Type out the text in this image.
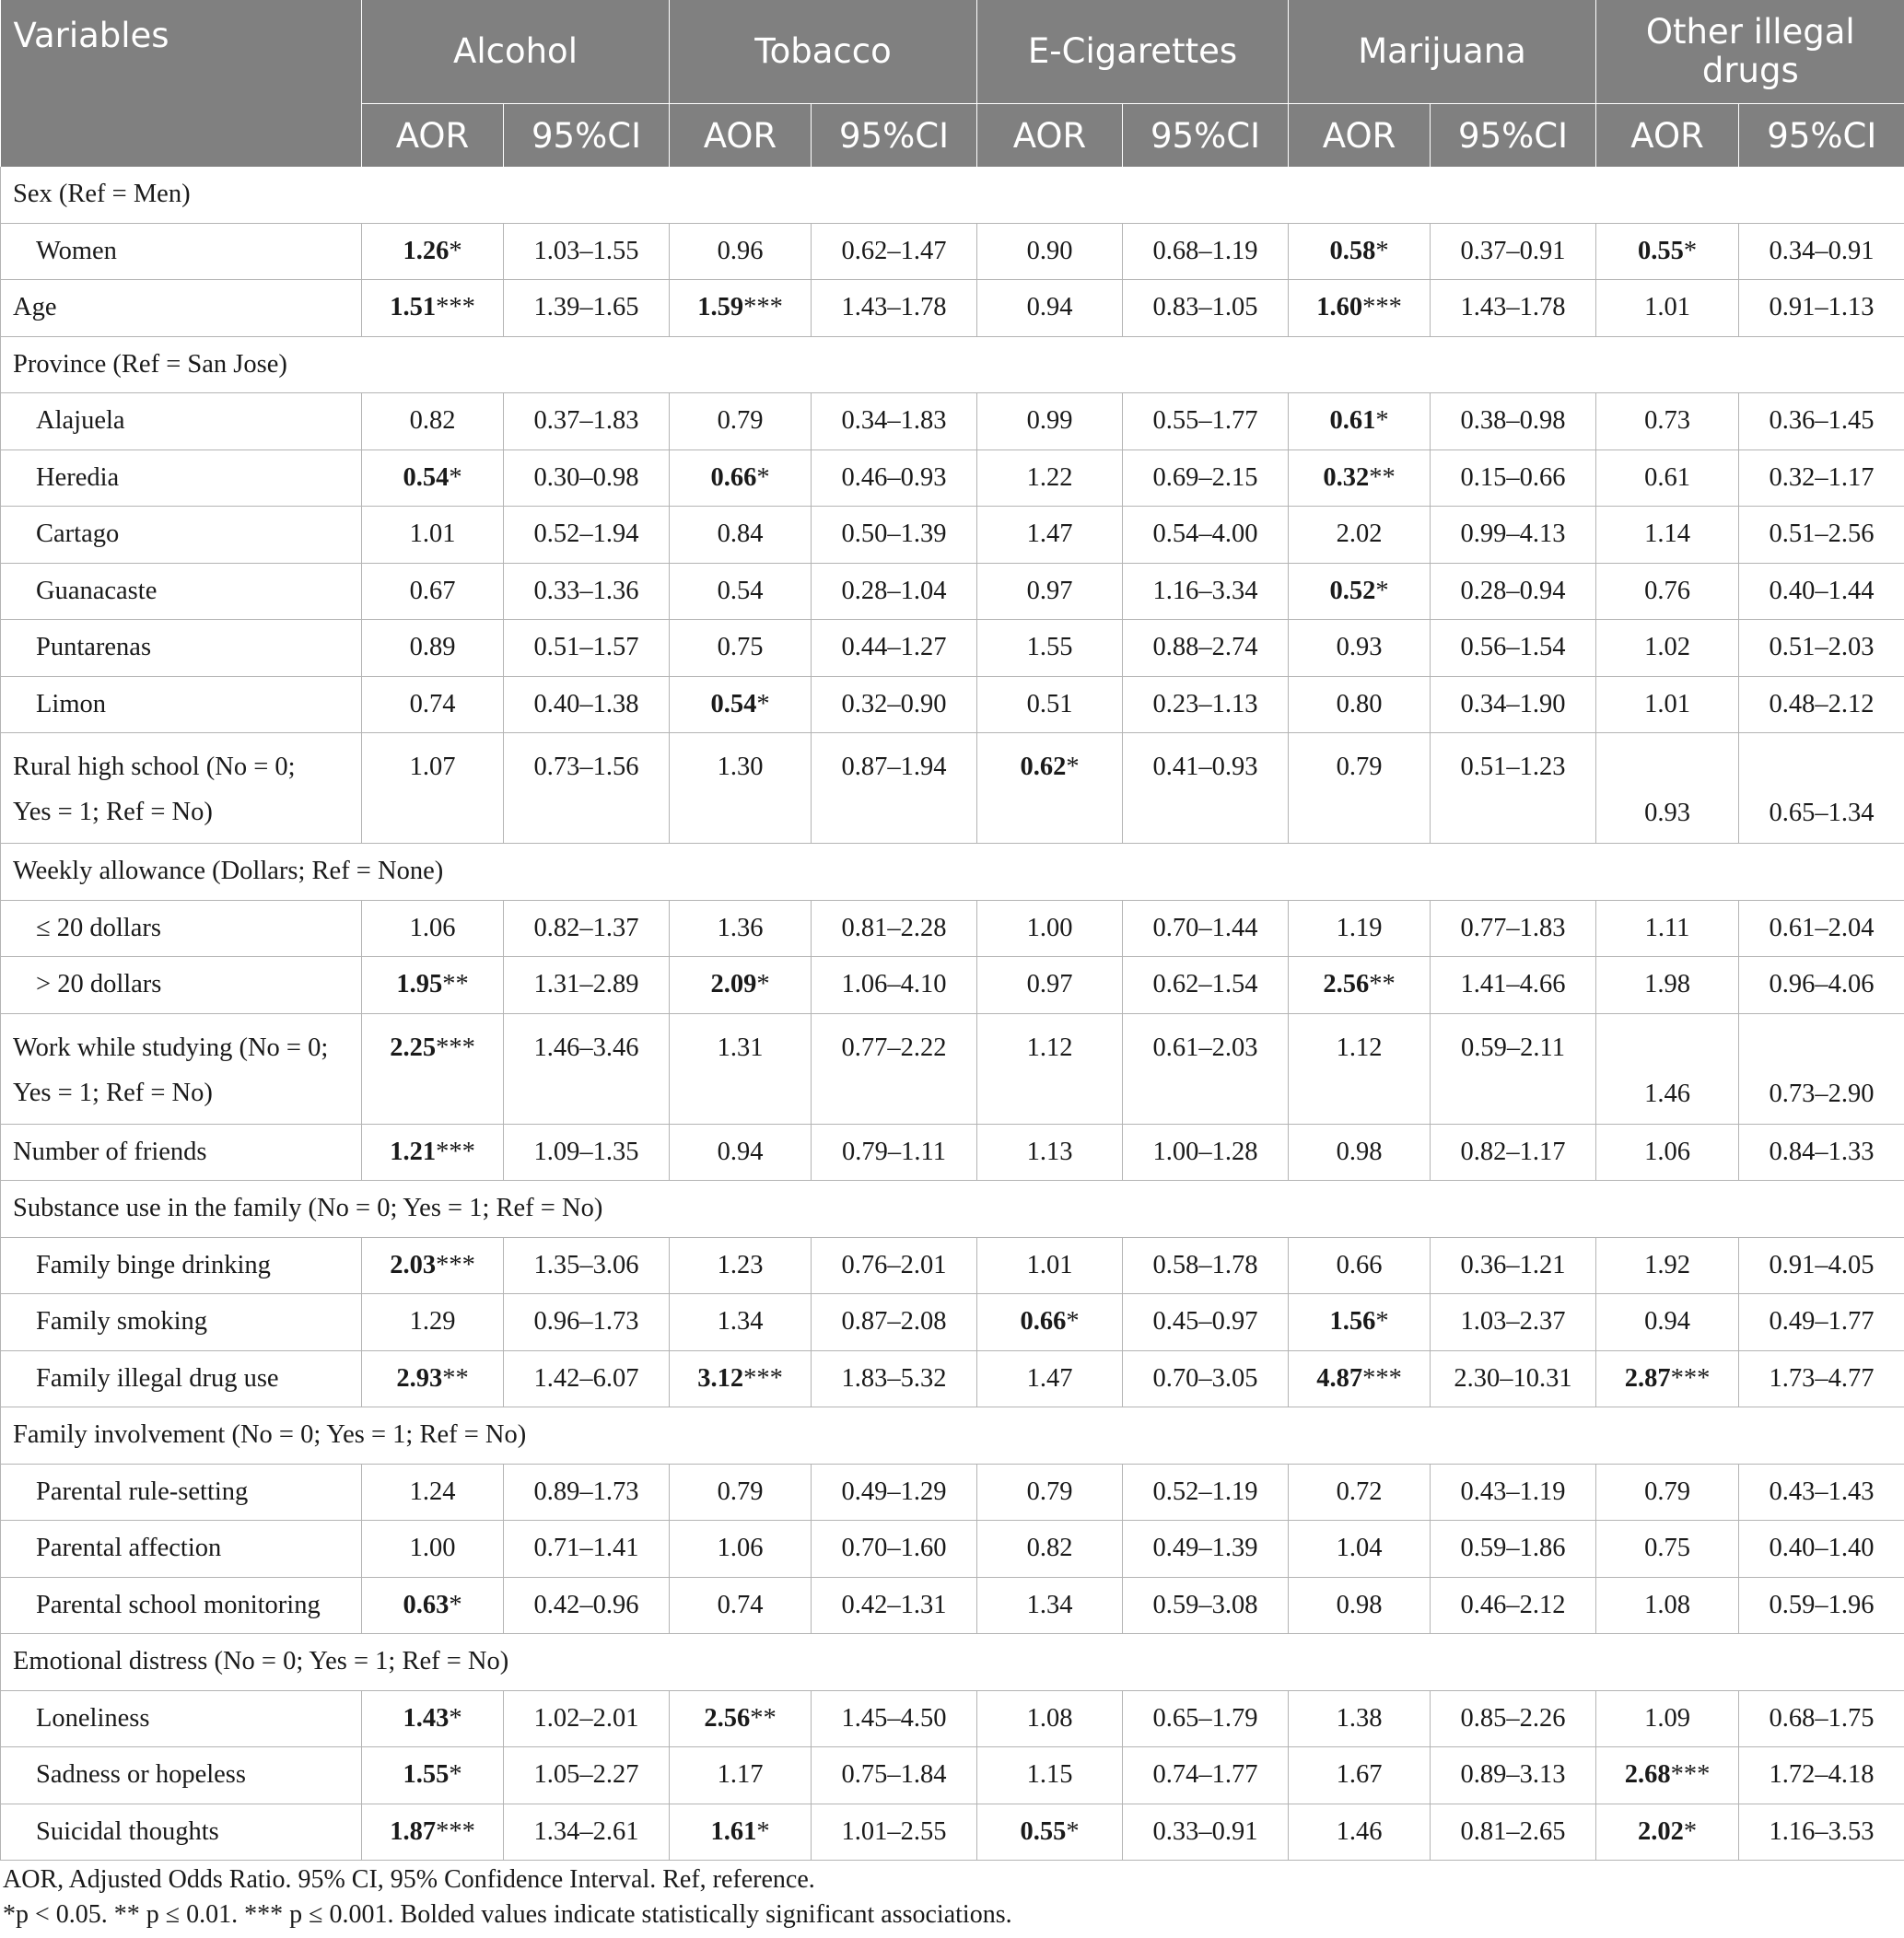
Variables	Alcohol		Tobacco		E-Cigarettes		Marijuana		Other illegal drugs	
	AOR	95%CI	AOR	95%CI	AOR	95%CI	AOR	95%CI	AOR	95%CI
Sex (Ref = Men)										
Women	1.26*	1.03–1.55	0.96	0.62–1.47	0.90	0.68–1.19	0.58*	0.37–0.91	0.55*	0.34–0.91
Age	1.51***	1.39–1.65	1.59***	1.43–1.78	0.94	0.83–1.05	1.60***	1.43–1.78	1.01	0.91–1.13
Province (Ref = San Jose)										
Alajuela	0.82	0.37–1.83	0.79	0.34–1.83	0.99	0.55–1.77	0.61*	0.38–0.98	0.73	0.36–1.45
Heredia	0.54*	0.30–0.98	0.66*	0.46–0.93	1.22	0.69–2.15	0.32**	0.15–0.66	0.61	0.32–1.17
Cartago	1.01	0.52–1.94	0.84	0.50–1.39	1.47	0.54–4.00	2.02	0.99–4.13	1.14	0.51–2.56
Guanacaste	0.67	0.33–1.36	0.54	0.28–1.04	0.97	1.16–3.34	0.52*	0.28–0.94	0.76	0.40–1.44
Puntarenas	0.89	0.51–1.57	0.75	0.44–1.27	1.55	0.88–2.74	0.93	0.56–1.54	1.02	0.51–2.03
Limon	0.74	0.40–1.38	0.54*	0.32–0.90	0.51	0.23–1.13	0.80	0.34–1.90	1.01	0.48–2.12
Rural high school (No = 0;
Yes = 1; Ref = No)	1.07	0.73–1.56	1.30	0.87–1.94	0.62*	0.41–0.93	0.79	0.51–1.23	0.93	0.65–1.34
Weekly allowance (Dollars; Ref = None)										
≤ 20 dollars	1.06	0.82–1.37	1.36	0.81–2.28	1.00	0.70–1.44	1.19	0.77–1.83	1.11	0.61–2.04
> 20 dollars	1.95**	1.31–2.89	2.09*	1.06–4.10	0.97	0.62–1.54	2.56**	1.41–4.66	1.98	0.96–4.06
Work while studying (No = 0;
Yes = 1; Ref = No)	2.25***	1.46–3.46	1.31	0.77–2.22	1.12	0.61–2.03	1.12	0.59–2.11	1.46	0.73–2.90
Number of friends	1.21***	1.09–1.35	0.94	0.79–1.11	1.13	1.00–1.28	0.98	0.82–1.17	1.06	0.84–1.33
Substance use in the family (No = 0; Yes = 1; Ref = No)										
Family binge drinking	2.03***	1.35–3.06	1.23	0.76–2.01	1.01	0.58–1.78	0.66	0.36–1.21	1.92	0.91–4.05
Family smoking	1.29	0.96–1.73	1.34	0.87–2.08	0.66*	0.45–0.97	1.56*	1.03–2.37	0.94	0.49–1.77
Family illegal drug use	2.93**	1.42–6.07	3.12***	1.83–5.32	1.47	0.70–3.05	4.87***	2.30–10.31	2.87***	1.73–4.77
Family involvement (No = 0; Yes = 1; Ref = No)										
Parental rule-setting	1.24	0.89–1.73	0.79	0.49–1.29	0.79	0.52–1.19	0.72	0.43–1.19	0.79	0.43–1.43
Parental affection	1.00	0.71–1.41	1.06	0.70–1.60	0.82	0.49–1.39	1.04	0.59–1.86	0.75	0.40–1.40
Parental school monitoring	0.63*	0.42–0.96	0.74	0.42–1.31	1.34	0.59–3.08	0.98	0.46–2.12	1.08	0.59–1.96
Emotional distress (No = 0; Yes = 1; Ref = No)										
Loneliness	1.43*	1.02–2.01	2.56**	1.45–4.50	1.08	0.65–1.79	1.38	0.85–2.26	1.09	0.68–1.75
Sadness or hopeless	1.55*	1.05–2.27	1.17	0.75–1.84	1.15	0.74–1.77	1.67	0.89–3.13	2.68***	1.72–4.18
Suicidal thoughts	1.87***	1.34–2.61	1.61*	1.01–2.55	0.55*	0.33–0.91	1.46	0.81–2.65	2.02*	1.16–3.53
AOR, Adjusted Odds Ratio. 95% CI, 95% Confidence Interval. Ref, reference.
*p < 0.05. ** p ≤ 0.01. *** p ≤ 0.001. Bolded values indicate statistically significant associations.
